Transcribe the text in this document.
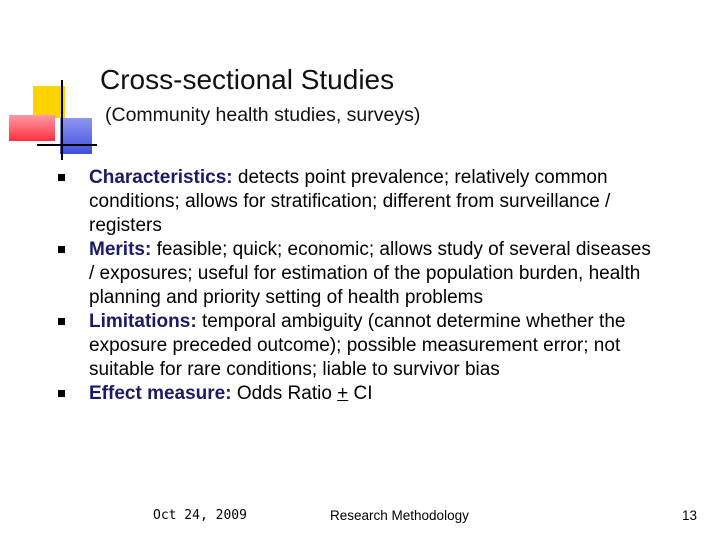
Cross-sectional Studies
(Community health studies, surveys)
Characteristics: detects point prevalence; relatively common conditions; allows for stratification; different from surveillance / registers
Merits: feasible; quick; economic; allows study of several diseases / exposures; useful for estimation of the population burden, health planning and priority setting of health problems
Limitations: temporal ambiguity (cannot determine whether the exposure preceded outcome); possible measurement error; not suitable for rare conditions; liable to survivor bias
Effect measure: Odds Ratio + CI
Oct 24, 2009	Research Methodology	13
